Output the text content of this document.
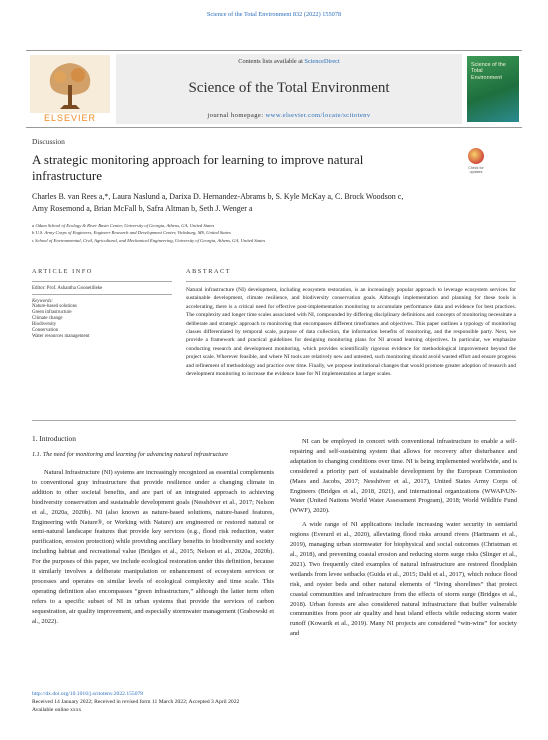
Science of the Total Environment 832 (2022) 155078
ELSEVIER
Contents lists available at ScienceDirect
Science of the Total Environment
journal homepage: www.elsevier.com/locate/scitotenv
Science of the Total Environment
Discussion
A strategic monitoring approach for learning to improve natural infrastructure	Check for updates
Charles B. van Rees a,*, Laura Naslund a, Darixa D. Hernandez-Abrams b, S. Kyle McKay a, C. Brock Woodson c,
Amy Rosemond a, Brian McFall b, Safra Altman b, Seth J. Wenger a
a Odum School of Ecology & River Basin Center, University of Georgia, Athens, GA, United States
b U.S. Army Corps of Engineers, Engineer Research and Development Center, Vicksburg, MS, United States
c School of Environmental, Civil, Agricultural, and Mechanical Engineering, University of Georgia, Athens, GA, United States
ARTICLE INFO
Editor: Prof. Ashantha Goonetilleke
Keywords:
Nature-based solutions
Green infrastructure
Climate change
Biodiversity
Conservation
Water resources management
ABSTRACT
Natural infrastructure (NI) development, including ecosystem restoration, is an increasingly popular approach to leverage ecosystem services for sustainable development, climate resilience, and biodiversity conservation goals. Although implementation and planning for these tools is accelerating, there is a critical need for effective post-implementation monitoring to accumulate performance data and evidence for best practices. The complexity and longer time scales associated with NI, compounded by differing disciplinary definitions and concepts of monitoring necessitate a deliberate and strategic approach to monitoring that encompasses different timeframes and objectives. This paper outlines a typology of monitoring classes differentiated by temporal scale, purpose of data collection, the information benefits of monitoring, and the responsible party. Next, we provide a framework and practical guidelines for designing monitoring plans for NI around learning objectives. In particular, we emphasize conducting research and development monitoring, which provides scientifically rigorous evidence for methodological improvement beyond the project scale. Wherever feasible, and where NI tools are relatively new and untested, such monitoring should avoid wasted effort and ensure progress and refinement of methodology and practice over time. Finally, we propose institutional changes that would promote greater adoption of research and development monitoring to increase the evidence base for NI implementation at larger scales.
1. Introduction
1.1. The need for monitoring and learning for advancing natural infrastructure

Natural Infrastructure (NI) systems are increasingly recognized as essential complements to conventional gray infrastructure that provide resilience under a changing climate in addition to other societal benefits, and are part of an integrated approach to achieving biodiversity conservation and sustainable development goals (Nesshöver et al., 2017; Nelson et al., 2020a, 2020b). NI (also known as nature-based solutions, nature-based features, Engineering with Nature®, or Working with Nature) are engineered or restored natural or semi-natural landscape features that provide key services (e.g., flood risk reduction, water purification, erosion protection) while providing ancillary benefits to biodiversity and society including habitat and recreational value (Bridges et al., 2015; Nelson et al., 2020a, 2020b). For the purposes of this paper, we include ecological restoration under this definition, because it similarly involves a deliberate manipulation or enhancement of ecosystem services or processes and operates on similar levels of ecological complexity and time scale. This operating definition also encompasses “green infrastructure,” although the latter term often refers to a specific subset of NI in urban systems that provide the services of carbon sequestration, air quality improvement, and especially stormwater management (Grabowski et al., 2022).

NI can be employed in concert with conventional infrastructure to enable a self-repairing and self-sustaining system that allows for recovery after disturbance and adaptation to changing conditions over time. NI is being implemented worldwide, and is considered a priority part of sustainable development by the European Commission (Maes and Jacobs, 2017; Nesshöver et al., 2017), United States Army Corps of Engineers (Bridges et al., 2018, 2021), and international organizations (WWAP/UN-Water (United Nations World Water Assessment Program), 2018; World Wildlife Fund (WWF), 2020).

A wide range of NI applications include increasing water security in semiarid regions (Everard et al., 2020), alleviating flood risks around rivers (Hartmann et al., 2019), managing urban stormwater for biophysical and social outcomes (Christman et al., 2018), and preventing coastal erosion and reducing storm surge risks (Slinger et al., 2021). Two frequently cited examples of natural infrastructure are restored floodplain wetlands from levee setbacks (Guida et al., 2015; Dahl et al., 2017), which reduce flood risk, and oyster beds and other natural elements of “living shorelines” that protect coastal communities and infrastructure from the effects of storm surge (Bridges et al., 2018). Urban forests are also considered natural infrastructure that buffer vulnerable communities from poor air quality and heat island effects while reducing storm water runoff (Kowarik et al., 2019). Many NI projects are considered “win-wins” for society and

http://dx.doi.org/10.1016/j.scitotenv.2022.155078
Received 14 January 2022; Received in revised form 11 March 2022; Accepted 3 April 2022
Available online xxxx
